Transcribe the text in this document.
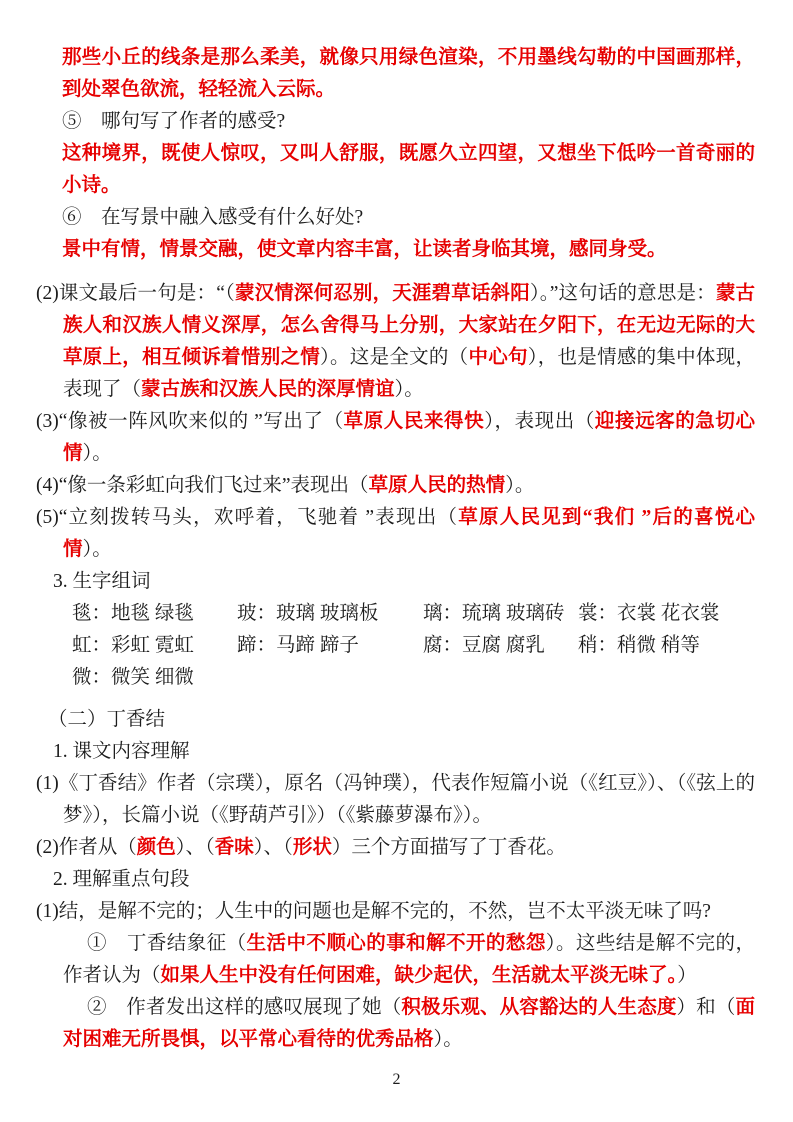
那些小丘的线条是那么柔美，就像只用绿色渲染，不用墨线勾勒的中国画那样，到处翠色欲流，轻轻流入云际。

⑤　哪句写了作者的感受?

这种境界，既使人惊叹，又叫人舒服，既愿久立四望，又想坐下低吟一首奇丽的小诗。

⑥　在写景中融入感受有什么好处?

景中有情，情景交融，使文章内容丰富，让读者身临其境，感同身受。

(2)课文最后一句是：“（蒙汉情深何忍别，天涯碧草话斜阳）。”这句话的意思是：蒙古族人和汉族人情义深厚，怎么舍得马上分别，大家站在夕阳下，在无边无际的大草原上，相互倾诉着惜别之情）。这是全文的（中心句），也是情感的集中体现，表现了（蒙古族和汉族人民的深厚情谊）。

(3)“像被一阵风吹来似的 ”写出了（草原人民来得快），表现出（迎接远客的急切心情）。

(4)“像一条彩虹向我们飞过来”表现出（草原人民的热情）。

(5)“立刻拨转马头，欢呼着，飞驰着 ”表现出（草原人民见到“我们 ”后的喜悦心情）。

3. 生字组词

毯：地毯 绿毯	玻：玻璃 玻璃板	璃：琉璃 玻璃砖 裳：衣裳 花衣裳
虹：彩虹 霓虹	蹄：马蹄 蹄子	腐：豆腐 腐乳	稍：稍微 稍等
微：微笑 细微

（二）丁香结

1. 课文内容理解

(1)《丁香结》作者（宗璞），原名（冯钟璞），代表作短篇小说（《红豆》）、（《弦上的梦》），长篇小说（《野葫芦引》）（《紫藤萝瀑布》）。

(2)作者从（颜色）、（香味）、（形状）三个方面描写了丁香花。

2. 理解重点句段

(1)结，是解不完的；人生中的问题也是解不完的，不然，岂不太平淡无味了吗?

①　丁香结象征（生活中不顺心的事和解不开的愁怨）。这些结是解不完的，作者认为（如果人生中没有任何困难，缺少起伏，生活就太平淡无味了。）

②　作者发出这样的感叹展现了她（积极乐观、从容豁达的人生态度）和（面对困难无所畏惧，以平常心看待的优秀品格）。

2
